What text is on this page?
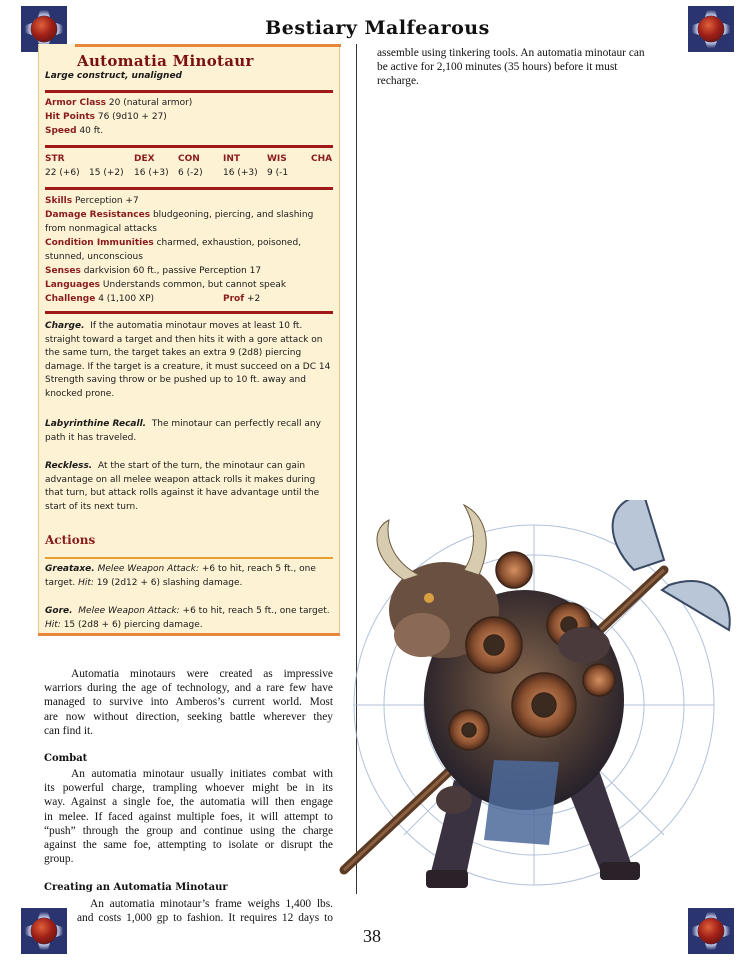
Bestiary Malfearous
Automatia Minotaur
Large construct, unaligned
Armor Class 20 (natural armor)
Hit Points 76 (9d10 + 27)
Speed 40 ft.
STR	DEX	CON	INT	WIS	CHA
22 (+6) 15 (+2) 16 (+3) 6 (-2) 16 (+3) 9 (-1
Skills Perception +7
Damage Resistances bludgeoning, piercing, and slashing
from nonmagical attacks
Condition Immunities charmed, exhaustion, poisoned,
stunned, unconscious
Senses darkvision 60 ft., passive Perception 17
Languages Understands common, but cannot speak
Challenge 4 (1,100 XP)	Prof +2

Charge. If the automatia minotaur moves at least 10 ft.

straight toward a target and then hits it with a gore attack on

the same turn, the target takes an extra 9 (2d8) piercing

damage. If the target is a creature, it must succeed on a DC 14

Strength saving throw or be pushed up to 10 ft. away and

knocked prone.

Labyrinthine Recall. The minotaur can perfectly recall any

path it has traveled.

Reckless. At the start of the turn, the minotaur can gain

advantage on all melee weapon attack rolls it makes during

that turn, but attack rolls against it have advantage until the

start of its next turn.

Actions

Greataxe. Melee Weapon Attack: +6 to hit, reach 5 ft., one

target. Hit: 19 (2d12 + 6) slashing damage.

Gore. Melee Weapon Attack: +6 to hit, reach 5 ft., one target.

Hit: 15 (2d8 + 6) piercing damage.

assemble using tinkering tools. An automatia minotaur can
be active for 2,100 minutes (35 hours) before it must
recharge.
Automatia minotaurs were created as impressive
warriors during the age of technology, and a rare few have
managed to survive into Amberos’s current world. Most
are now without direction, seeking battle wherever they
can find it.
Combat
An automatia minotaur usually initiates combat with
its powerful charge, trampling whoever might be in its
way. Against a single foe, the automatia will then engage
in melee. If faced against multiple foes, it will attempt to
“push” through the group and continue using the charge
against the same foe, attempting to isolate or disrupt the
group.
Creating an Automatia Minotaur
An automatia minotaur’s frame weighs 1,400 lbs.
and costs 1,000 gp to fashion. It requires 12 days to
38
